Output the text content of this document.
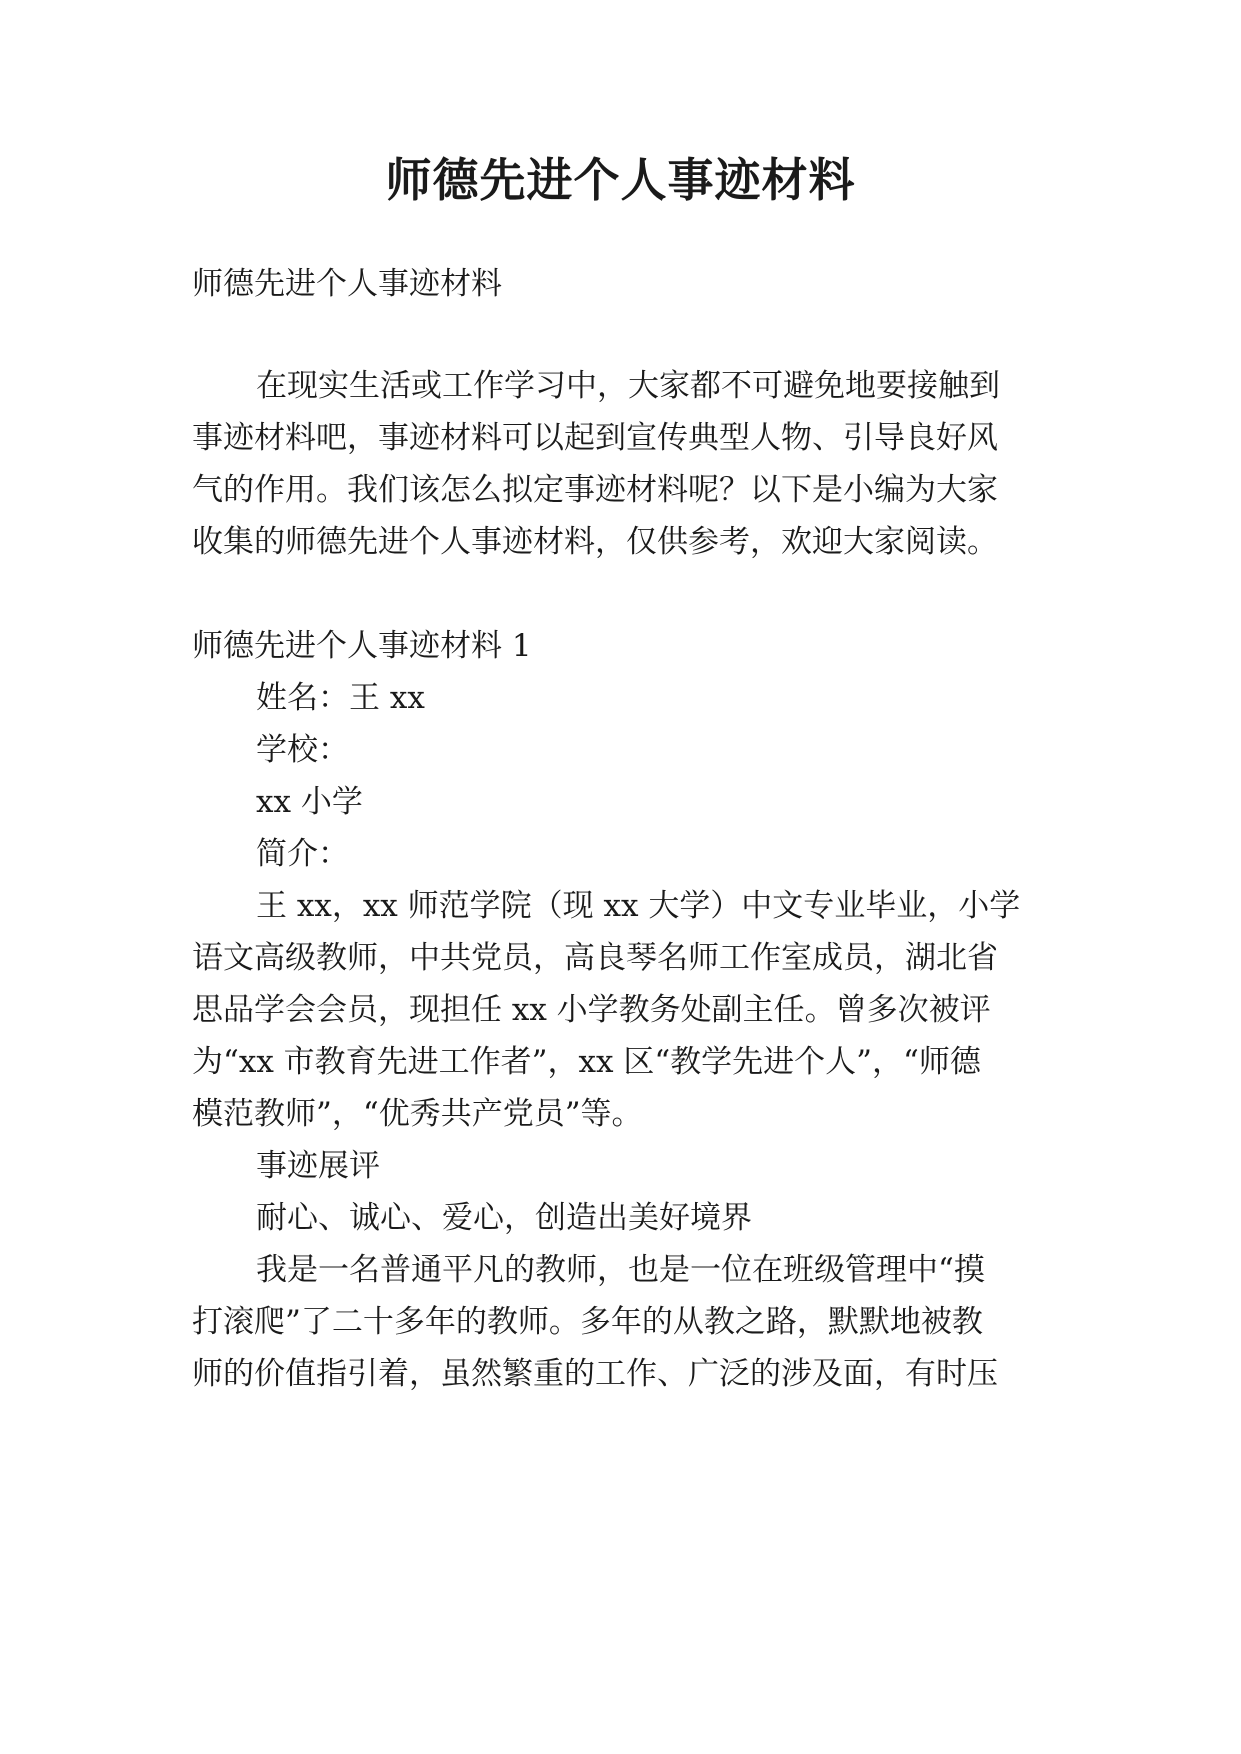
师德先进个人事迹材料

师德先进个人事迹材料

在现实生活或工作学习中，大家都不可避免地要接触到

事迹材料吧，事迹材料可以起到宣传典型人物、引导良好风

气的作用。我们该怎么拟定事迹材料呢？以下是小编为大家

收集的师德先进个人事迹材料，仅供参考，欢迎大家阅读。

师德先进个人事迹材料 1

姓名：王 xx

学校：

xx 小学

简介：

王 xx，xx 师范学院（现 xx 大学）中文专业毕业，小学

语文高级教师，中共党员，高良琴名师工作室成员，湖北省

思品学会会员，现担任 xx 小学教务处副主任。曾多次被评

为“xx 市教育先进工作者”，xx 区“教学先进个人”，“师德

模范教师”，“优秀共产党员”等。

事迹展评

耐心、诚心、爱心，创造出美好境界

我是一名普通平凡的教师，也是一位在班级管理中“摸

打滚爬”了二十多年的教师。多年的从教之路，默默地被教

师的价值指引着，虽然繁重的工作、广泛的涉及面，有时压
